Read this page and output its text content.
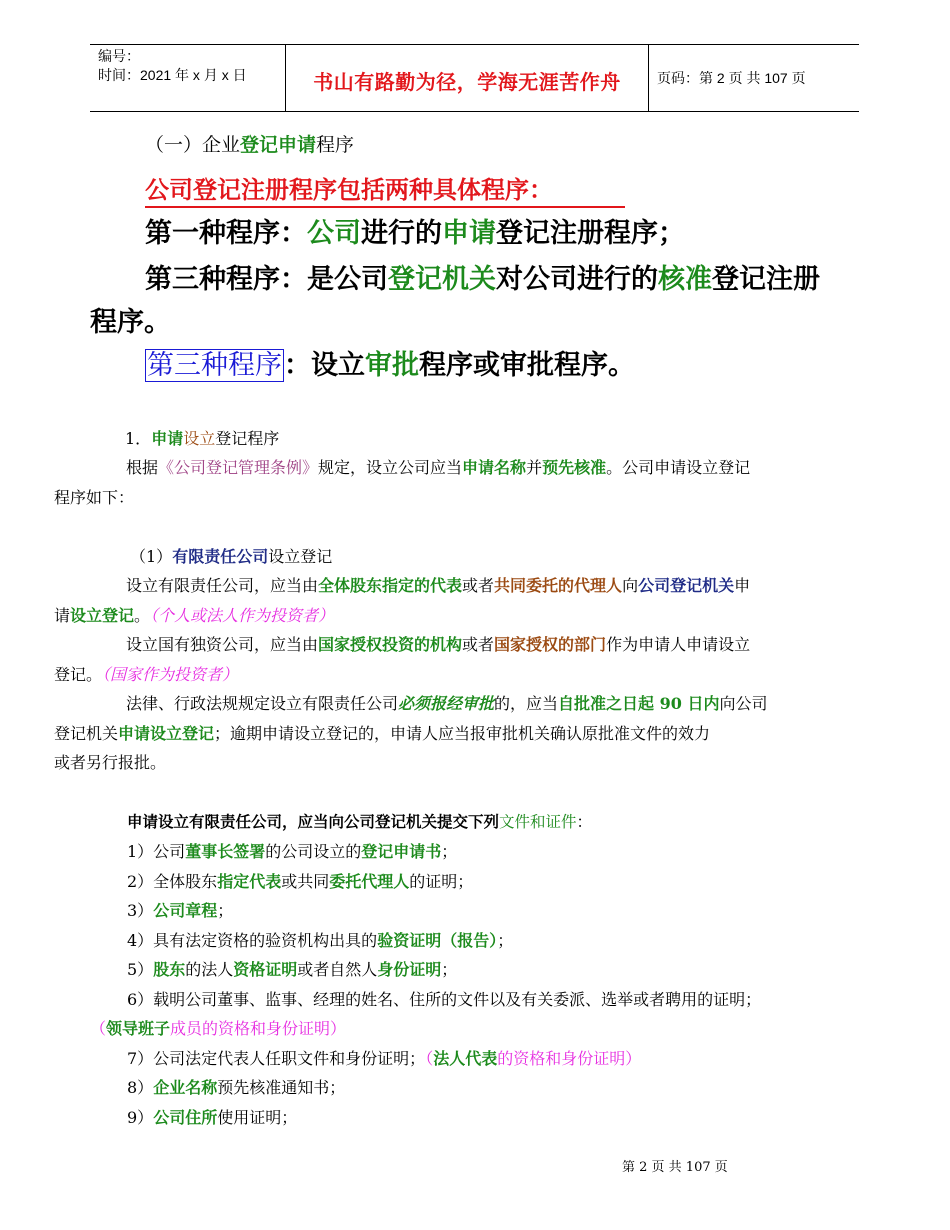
编号：
时间：2021 年 x 月 x 日	书山有路勤为径，学海无涯苦作舟	页码：第 2 页 共 107 页
（一）企业登记申请程序
公司登记注册程序包括两种具体程序：
第一种程序：公司进行的申请登记注册程序；
第三种程序：是公司登记机关对公司进行的核准登记注册
程序。
第三种程序：设立审批程序或审批程序。
1．申请设立登记程序
根据《公司登记管理条例》规定，设立公司应当申请名称并预先核准。公司申请设立登记
程序如下：
（1）有限责任公司设立登记
设立有限责任公司，应当由全体股东指定的代表或者共同委托的代理人向公司登记机关申
请设立登记。（个人或法人作为投资者）
设立国有独资公司，应当由国家授权投资的机构或者国家授权的部门作为申请人申请设立
登记。（国家作为投资者）
法律、行政法规规定设立有限责任公司必须报经审批的，应当自批准之日起 90 日内向公司
登记机关申请设立登记；逾期申请设立登记的，申请人应当报审批机关确认原批准文件的效力
或者另行报批。
申请设立有限责任公司，应当向公司登记机关提交下列文件和证件：
1）公司董事长签署的公司设立的登记申请书；
2）全体股东指定代表或共同委托代理人的证明；
3）公司章程；
4）具有法定资格的验资机构出具的验资证明（报告）；
5）股东的法人资格证明或者自然人身份证明；
6）载明公司董事、监事、经理的姓名、住所的文件以及有关委派、选举或者聘用的证明；
（领导班子成员的资格和身份证明）
7）公司法定代表人任职文件和身份证明；（法人代表的资格和身份证明）
8）企业名称预先核准通知书；
9）公司住所使用证明；
第 2 页 共 107 页
